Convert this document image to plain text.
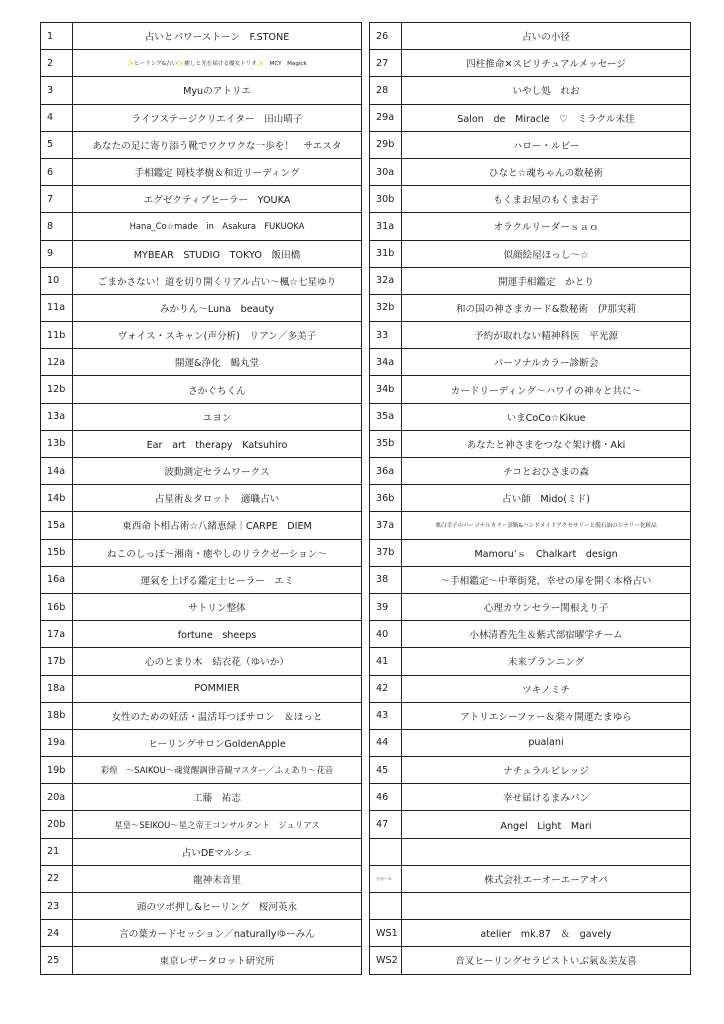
1	占いとパワーストーン　F.STONE
2	✨ヒーリング&占い✨癒しと光を届ける魔女トリオ✨　MCY　Magick
3	Myuのアトリエ
4	ライフステージクリエイター　田山晴子
5	あなたの足に寄り添う靴でワクワクな一歩を！　サエスタ
6	手相鑑定 岡枝孝樹＆和近リーディング
7	エグゼクティブヒーラー　YOUKA
8	Hana_Co☆made　in　Asakura　FUKUOKA
9	MYBEAR　STUDIO　TOKYO　飯田橋
10	ごまかさない！道を切り開くリアル占い～楓☆七星ゆり
11a	みかりん～Luna　beauty
11b	ヴォイス・スキャン(声分析)　リアン／多美子
12a	開運&浄化　鶴丸堂
12b	さかぐちくん
13a	ユヨン
13b	Ear　art　therapy　Katsuhiro
14a	波動測定セラムワークス
14b	占星術＆タロット　適職占い
15a	東西命卜相占術☆八緒恵緑｜CARPE　DIEM
15b	ねこのしっぽ～湘南・癒やしのリラクゼーション～
16a	運氣を上げる鑑定士ヒーラー　エミ
16b	サトリン整体
17a	fortune　sheeps
17b	心のとまり木　結衣花（ゆいか）
18a	POMMIER
18b	女性のための妊活・温活耳つぼサロン　＆ほっと
19a	ヒーリングサロンGoldenApple
19b	彩煌　～SAIKOU～魂覚醒調律音観マスター／ふぇあり～花音
20a	工藤　祐志
20b	星皇～SEIKOU～星之帝王コンサルタント　ジュリアス
21	占いDEマルシェ
22	龍神未音里
23	頭のツボ押し&ヒーリング　桜河英永
24	言の葉カードセッション／naturallyゆーみん
25	東京レザータロット研究所
26	占いの小径
27	四柱推命✕スピリチュアルメッセージ
28	いやし処　れお
29a	Salon　de　Miracle　♡　ミラクル未佳
29b	ハロー・ルビー
30a	ひなと☆魂ちゃんの数秘術
30b	もくまお屋のもくまお子
31a	オラクルリーダーｓａｏ
31b	似顔絵屋ほっし～☆
32a	開運手相鑑定　かとり
32b	和の国の神さまカード&数秘術　伊那実莉
33	予約が取れない精神科医　平光源
34a	パーソナルカラー診断会
34b	カードリーディング～ハワイの神々と共に～
35a	いまCoCo☆Kikue
35b	あなたと神さまをつなぐ架け橋・Aki
36a	チコとおひさまの森
36b	占い師　Mido(ミド)
37a	栗白幸子のパーソナルカラー診断&ハンドメイドアクセサリーと脱石油のシナリー化粧品
37b	Mamoru’ｓ　Chalkart　design
38	～手相鑑定～中華街発、幸せの扉を開く本格占い
39	心理カウンセラー関根えり子
40	小林清香先生＆紫式部宿曜学チーム
41	未来プランニング
42	ツキノミチ
43	アトリエシーファー＆楽々開運たまゆら
44	pualani
45	ナチュラルビレッジ
46	幸せ届けるまみパン
47	Angel　Light　Mari

小ホール	株式会社エーオーエーアオバ

WS1	atelier　mk.87　＆　gavely
WS2	音叉ヒーリングセラピストいぶ氣＆美友喜
